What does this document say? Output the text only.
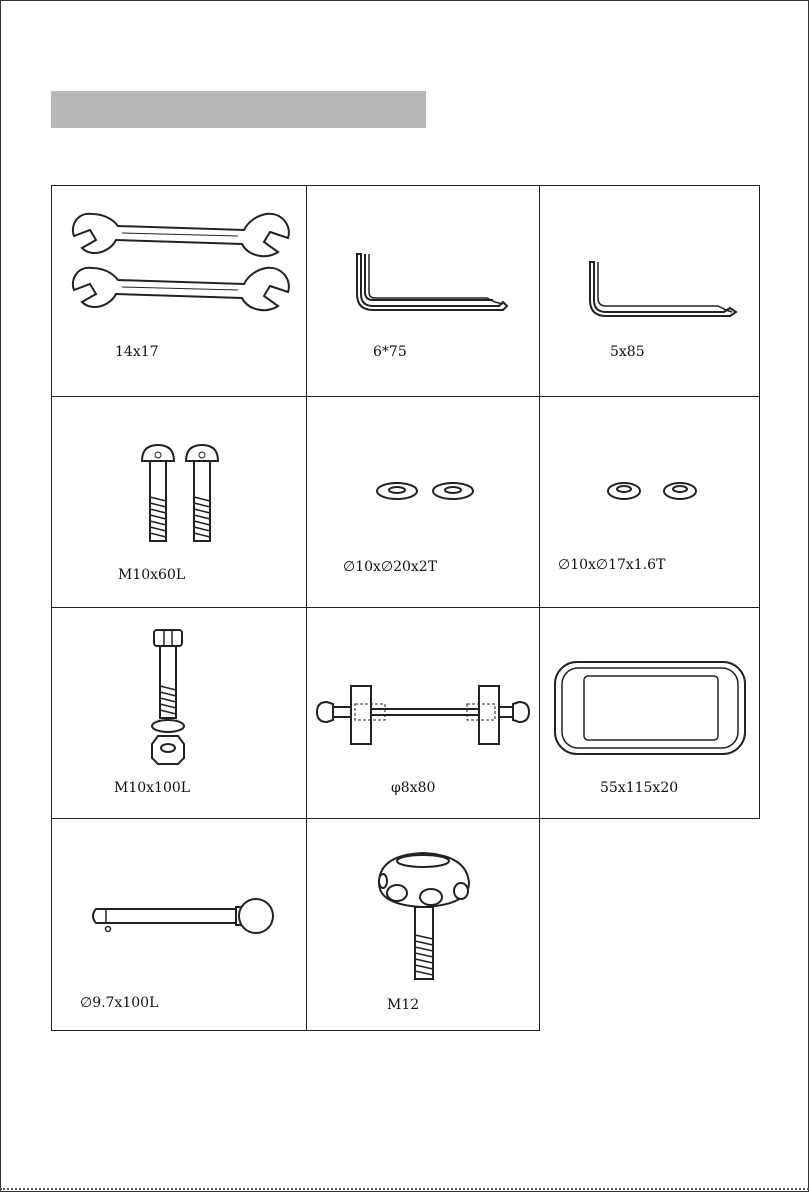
14x17	6*75	5x85
M10x60L	∅10x∅20x2T	∅10x∅17x1.6T
M10x100L	φ8x80	55x115x20
∅9.7x100L	M12
